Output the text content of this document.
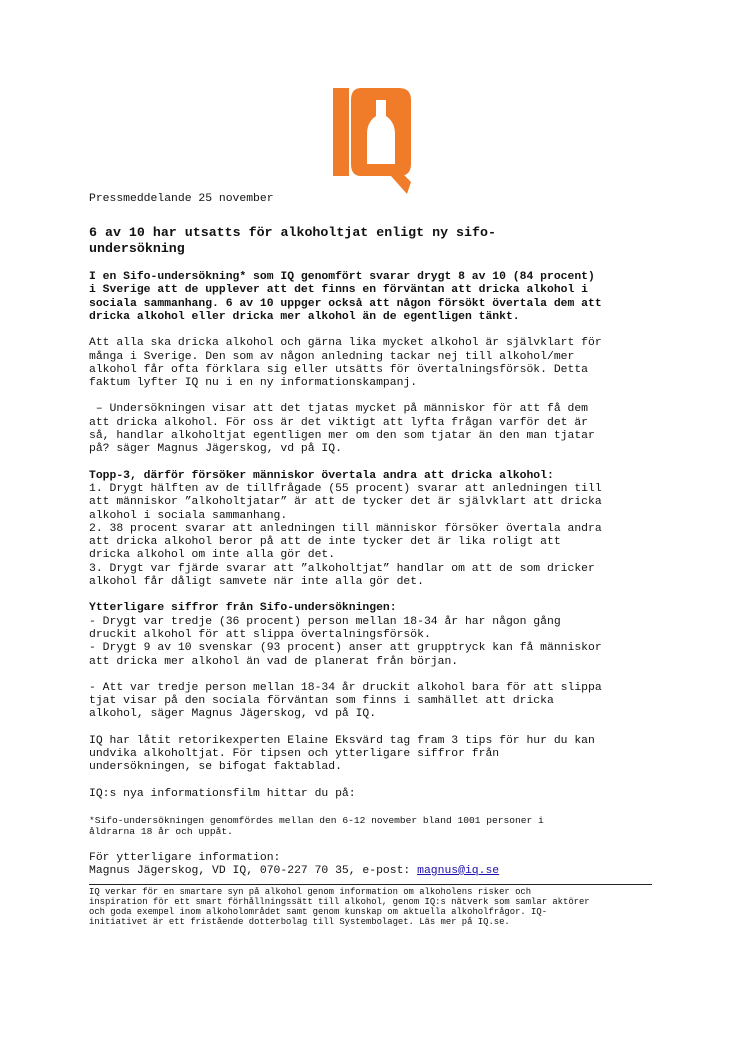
Pressmeddelande 25 november

6 av 10 har utsatts för alkoholtjat enligt ny sifo-
undersökning

I en Sifo-undersökning* som IQ genomfört svarar drygt 8 av 10 (84 procent)
i Sverige att de upplever att det finns en förväntan att dricka alkohol i
sociala sammanhang. 6 av 10 uppger också att någon försökt övertala dem att
dricka alkohol eller dricka mer alkohol än de egentligen tänkt.

Att alla ska dricka alkohol och gärna lika mycket alkohol är självklart för
många i Sverige. Den som av någon anledning tackar nej till alkohol/mer
alkohol får ofta förklara sig eller utsätts för övertalningsförsök. Detta
faktum lyfter IQ nu i en ny informationskampanj.

– Undersökningen visar att det tjatas mycket på människor för att få dem
att dricka alkohol. För oss är det viktigt att lyfta frågan varför det är
så, handlar alkoholtjat egentligen mer om den som tjatar än den man tjatar
på? säger Magnus Jägerskog, vd på IQ.

Topp-3, därför försöker människor övertala andra att dricka alkohol:

1. Drygt hälften av de tillfrågade (55 procent) svarar att anledningen till
att människor ”alkoholtjatar” är att de tycker det är självklart att dricka
alkohol i sociala sammanhang.
2. 38 procent svarar att anledningen till människor försöker övertala andra
att dricka alkohol beror på att de inte tycker det är lika roligt att
dricka alkohol om inte alla gör det.
3. Drygt var fjärde svarar att ”alkoholtjat” handlar om att de som dricker
alkohol får dåligt samvete när inte alla gör det.

Ytterligare siffror från Sifo-undersökningen:

- Drygt var tredje (36 procent) person mellan 18-34 år har någon gång
druckit alkohol för att slippa övertalningsförsök.
- Drygt 9 av 10 svenskar (93 procent) anser att grupptryck kan få människor
att dricka mer alkohol än vad de planerat från början.

- Att var tredje person mellan 18-34 år druckit alkohol bara för att slippa
tjat visar på den sociala förväntan som finns i samhället att dricka
alkohol, säger Magnus Jägerskog, vd på IQ.

IQ har låtit retorikexperten Elaine Eksvärd tag fram 3 tips för hur du kan
undvika alkoholtjat. För tipsen och ytterligare siffror från
undersökningen, se bifogat faktablad.

IQ:s nya informationsfilm hittar du på:

*Sifo-undersökningen genomfördes mellan den 6-12 november bland 1001 personer i
åldrarna 18 år och uppåt.

För ytterligare information:

Magnus Jägerskog, VD IQ, 070-227 70 35, e-post: magnus@iq.se

IQ verkar för en smartare syn på alkohol genom information om alkoholens risker och
inspiration för ett smart förhållningssätt till alkohol, genom IQ:s nätverk som samlar aktörer
och goda exempel inom alkoholområdet samt genom kunskap om aktuella alkoholfrågor. IQ-
initiativet är ett fristående dotterbolag till Systembolaget. Läs mer på IQ.se.
